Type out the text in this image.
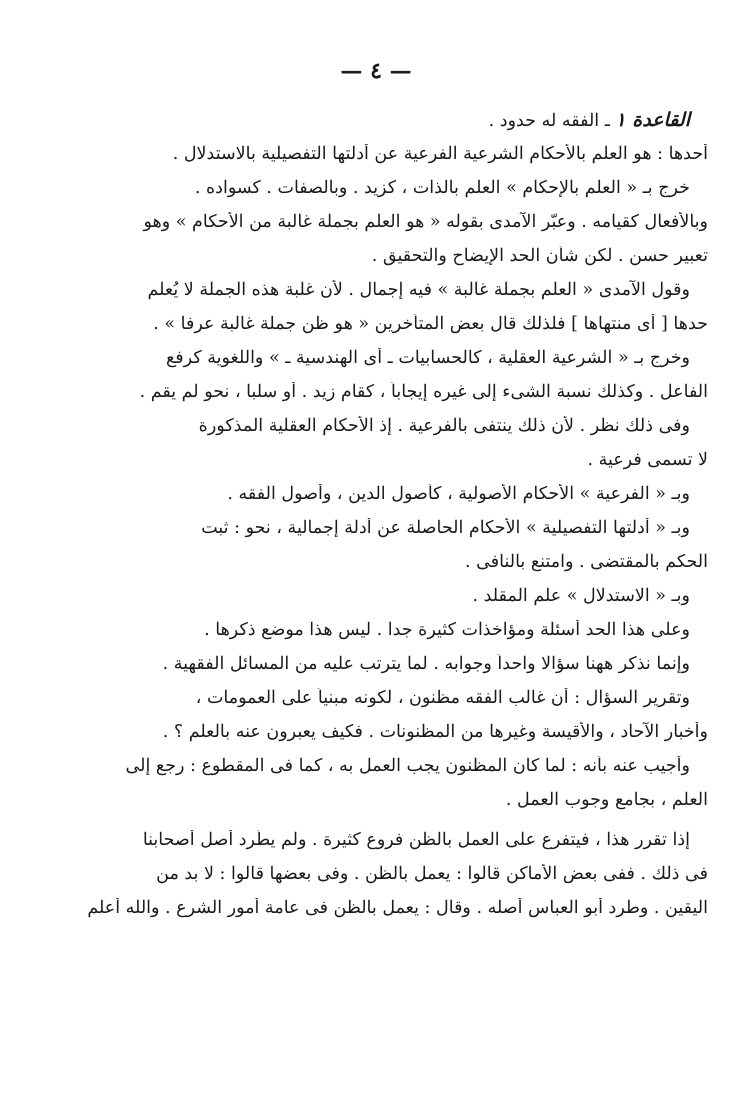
— ٤ —
القاعدة ١ ـ الفقه له حدود .
أحدها : هو العلم بالأحكام الشرعية الفرعية عن أدلتها التفصيلية بالاستدلال .
خرج بـ « العلم بالإحكام » العلم بالذات ، كزيد . وبالصفات . كسواده .
وبالأفعال كقيامه . وعبّر الآمدى بقوله « هو العلم بجملة غالبة من الأحكام » وهو
تعبير حسن . لكن شأن الحد الإيضاح والتحقيق .
وقول الآمدى « العلم بجملة غالبة » فيه إجمال . لأن غلبة هذه الجملة لا يُعلم
حدها [ أى منتهاها ] فلذلك قال بعض المتأخرين « هو ظن جملة غالبة عرفا » .
وخرج بـ « الشرعية العقلية ، كالحسابيات ـ أى الهندسية ـ » واللغوية كرفع
الفاعل . وكذلك نسبة الشىء إلى غيره إيجاباً ، كقام زيد . أو سلبا ، نحو لم يقم .
وفى ذلك نظر . لأن ذلك ينتفى بالفرعية . إذ الأحكام العقلية المذكورة
لا تسمى فرعية .
وبـ « الفرعية » الأحكام الأصولية ، كأصول الدين ، وأصول الفقه .
وبـ « أدلتها التفصيلية » الأحكام الحاصلة عن أدلة إجمالية ، نحو : ثبت
الحكم بالمقتضى . وامتنع بالنافى .
وبـ « الاستدلال » علم المقلد .
وعلى هذا الحد أسئلة ومؤاخذات كثيرة جدا . ليس هذا موضع ذكرها .
وإنما نذكر ههنا سؤالا واحداً وجوابه . لما يترتب عليه من المسائل الفقهية .
وتقرير السؤال : أن غالب الفقه مظنون ، لكونه مبنياً على العمومات ،
وأخبار الآحاد ، والأقيسة وغيرها من المظنونات . فكيف يعبرون عنه بالعلم ؟ .
وأجيب عنه بأنه : لما كان المظنون يجب العمل به ، كما فى المقطوع : رجع إلى
العلم ، بجامع وجوب العمل .
إذا تقرر هذا ، فيتفرع على العمل بالظن فروع كثيرة . ولم يطّرد أصل أصحابنا
فى ذلك . ففى بعض الأماكن قالوا : يعمل بالظن . وفى بعضها قالوا : لا بد من
اليقين . وطرد أبو العباس أصله . وقال : يعمل بالظن فى عامة أمور الشرع . والله أعلم
